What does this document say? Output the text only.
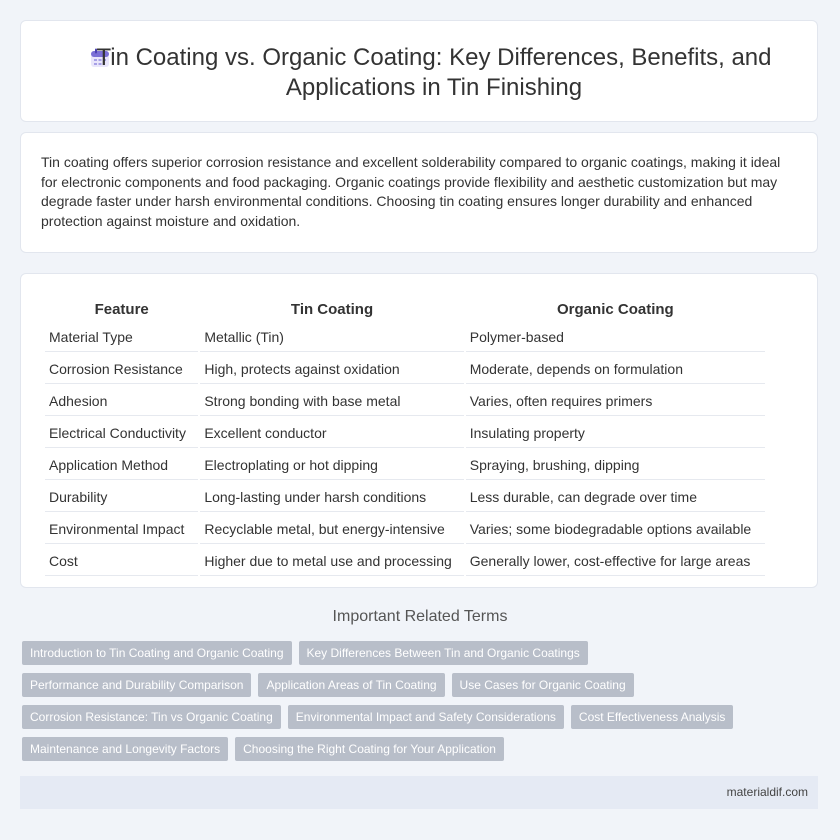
Tin Coating vs. Organic Coating: Key Differences, Benefits, and Applications in Tin Finishing

Tin coating offers superior corrosion resistance and excellent solderability compared to organic coatings, making it ideal for electronic components and food packaging. Organic coatings provide flexibility and aesthetic customization but may degrade faster under harsh environmental conditions. Choosing tin coating ensures longer durability and enhanced protection against moisture and oxidation.

Feature	Tin Coating	Organic Coating
Material Type	Metallic (Tin)	Polymer-based
Corrosion Resistance	High, protects against oxidation	Moderate, depends on formulation
Adhesion	Strong bonding with base metal	Varies, often requires primers
Electrical Conductivity	Excellent conductor	Insulating property
Application Method	Electroplating or hot dipping	Spraying, brushing, dipping
Durability	Long-lasting under harsh conditions	Less durable, can degrade over time
Environmental Impact	Recyclable metal, but energy-intensive	Varies; some biodegradable options available
Cost	Higher due to metal use and processing	Generally lower, cost-effective for large areas
Important Related Terms
Introduction to Tin Coating and Organic Coating Key Differences Between Tin and Organic Coatings
Performance and Durability Comparison Application Areas of Tin Coating Use Cases for Organic Coating
Corrosion Resistance: Tin vs Organic Coating Environmental Impact and Safety Considerations Cost Effectiveness Analysis
Maintenance and Longevity Factors Choosing the Right Coating for Your Application
materialdif.com
